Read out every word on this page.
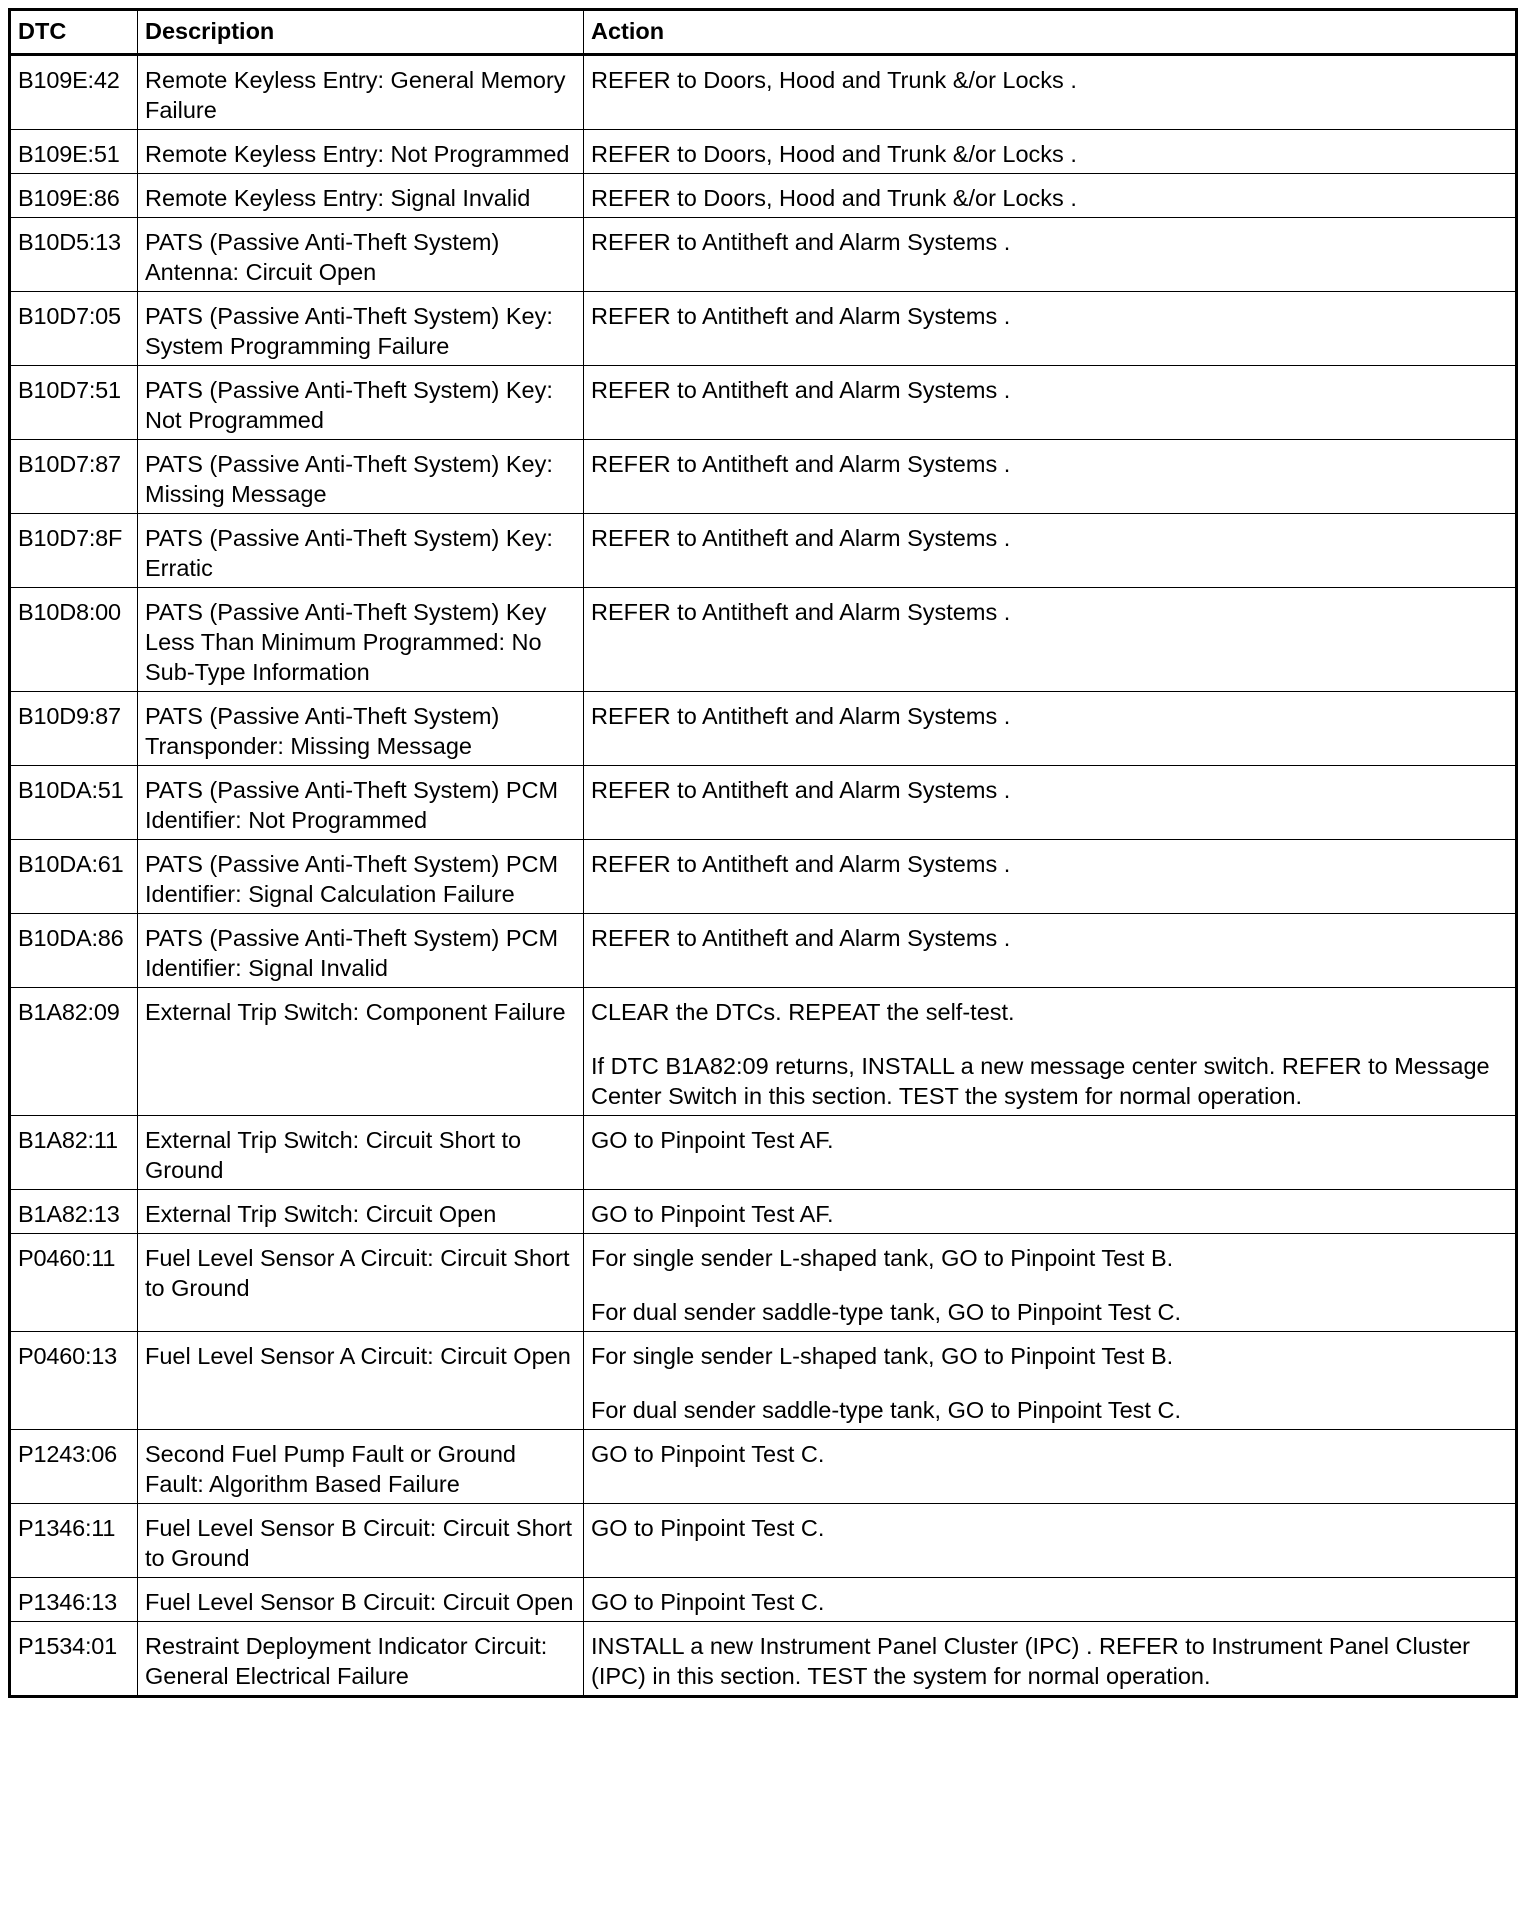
DTC	Description	Action
B109E:42	Remote Keyless Entry: General Memory Failure	REFER to Doors, Hood and Trunk &/or Locks .

B109E:51	Remote Keyless Entry: Not Programmed	REFER to Doors, Hood and Trunk &/or Locks .

B109E:86	Remote Keyless Entry: Signal Invalid	REFER to Doors, Hood and Trunk &/or Locks .

B10D5:13	PATS (Passive Anti-Theft System) Antenna: Circuit Open	REFER to Antitheft and Alarm Systems .

B10D7:05	PATS (Passive Anti-Theft System) Key: System Programming Failure	REFER to Antitheft and Alarm Systems .

B10D7:51	PATS (Passive Anti-Theft System) Key: Not Programmed	REFER to Antitheft and Alarm Systems .

B10D7:87	PATS (Passive Anti-Theft System) Key: Missing Message	REFER to Antitheft and Alarm Systems .

B10D7:8F	PATS (Passive Anti-Theft System) Key: Erratic	REFER to Antitheft and Alarm Systems .

B10D8:00	PATS (Passive Anti-Theft System) Key Less Than Minimum Programmed: No Sub-Type Information	REFER to Antitheft and Alarm Systems .

B10D9:87	PATS (Passive Anti-Theft System) Transponder: Missing Message	REFER to Antitheft and Alarm Systems .

B10DA:51	PATS (Passive Anti-Theft System) PCM Identifier: Not Programmed	REFER to Antitheft and Alarm Systems .

B10DA:61	PATS (Passive Anti-Theft System) PCM Identifier: Signal Calculation Failure	REFER to Antitheft and Alarm Systems .

B10DA:86	PATS (Passive Anti-Theft System) PCM Identifier: Signal Invalid	REFER to Antitheft and Alarm Systems .

B1A82:09	External Trip Switch: Component Failure	CLEAR the DTCs. REPEAT the self-test.

If DTC B1A82:09 returns, INSTALL a new message center switch. REFER to Message Center Switch in this section. TEST the system for normal operation.

B1A82:11	External Trip Switch: Circuit Short to Ground	GO to Pinpoint Test AF.

B1A82:13	External Trip Switch: Circuit Open	GO to Pinpoint Test AF.

P0460:11	Fuel Level Sensor A Circuit: Circuit Short to Ground	For single sender L-shaped tank, GO to Pinpoint Test B.

For dual sender saddle-type tank, GO to Pinpoint Test C.

P0460:13	Fuel Level Sensor A Circuit: Circuit Open	For single sender L-shaped tank, GO to Pinpoint Test B.

For dual sender saddle-type tank, GO to Pinpoint Test C.

P1243:06	Second Fuel Pump Fault or Ground Fault: Algorithm Based Failure	GO to Pinpoint Test C.

P1346:11	Fuel Level Sensor B Circuit: Circuit Short to Ground	GO to Pinpoint Test C.

P1346:13	Fuel Level Sensor B Circuit: Circuit Open	GO to Pinpoint Test C.

P1534:01	Restraint Deployment Indicator Circuit: General Electrical Failure	INSTALL a new Instrument Panel Cluster (IPC) . REFER to Instrument Panel Cluster (IPC) in this section. TEST the system for normal operation.
